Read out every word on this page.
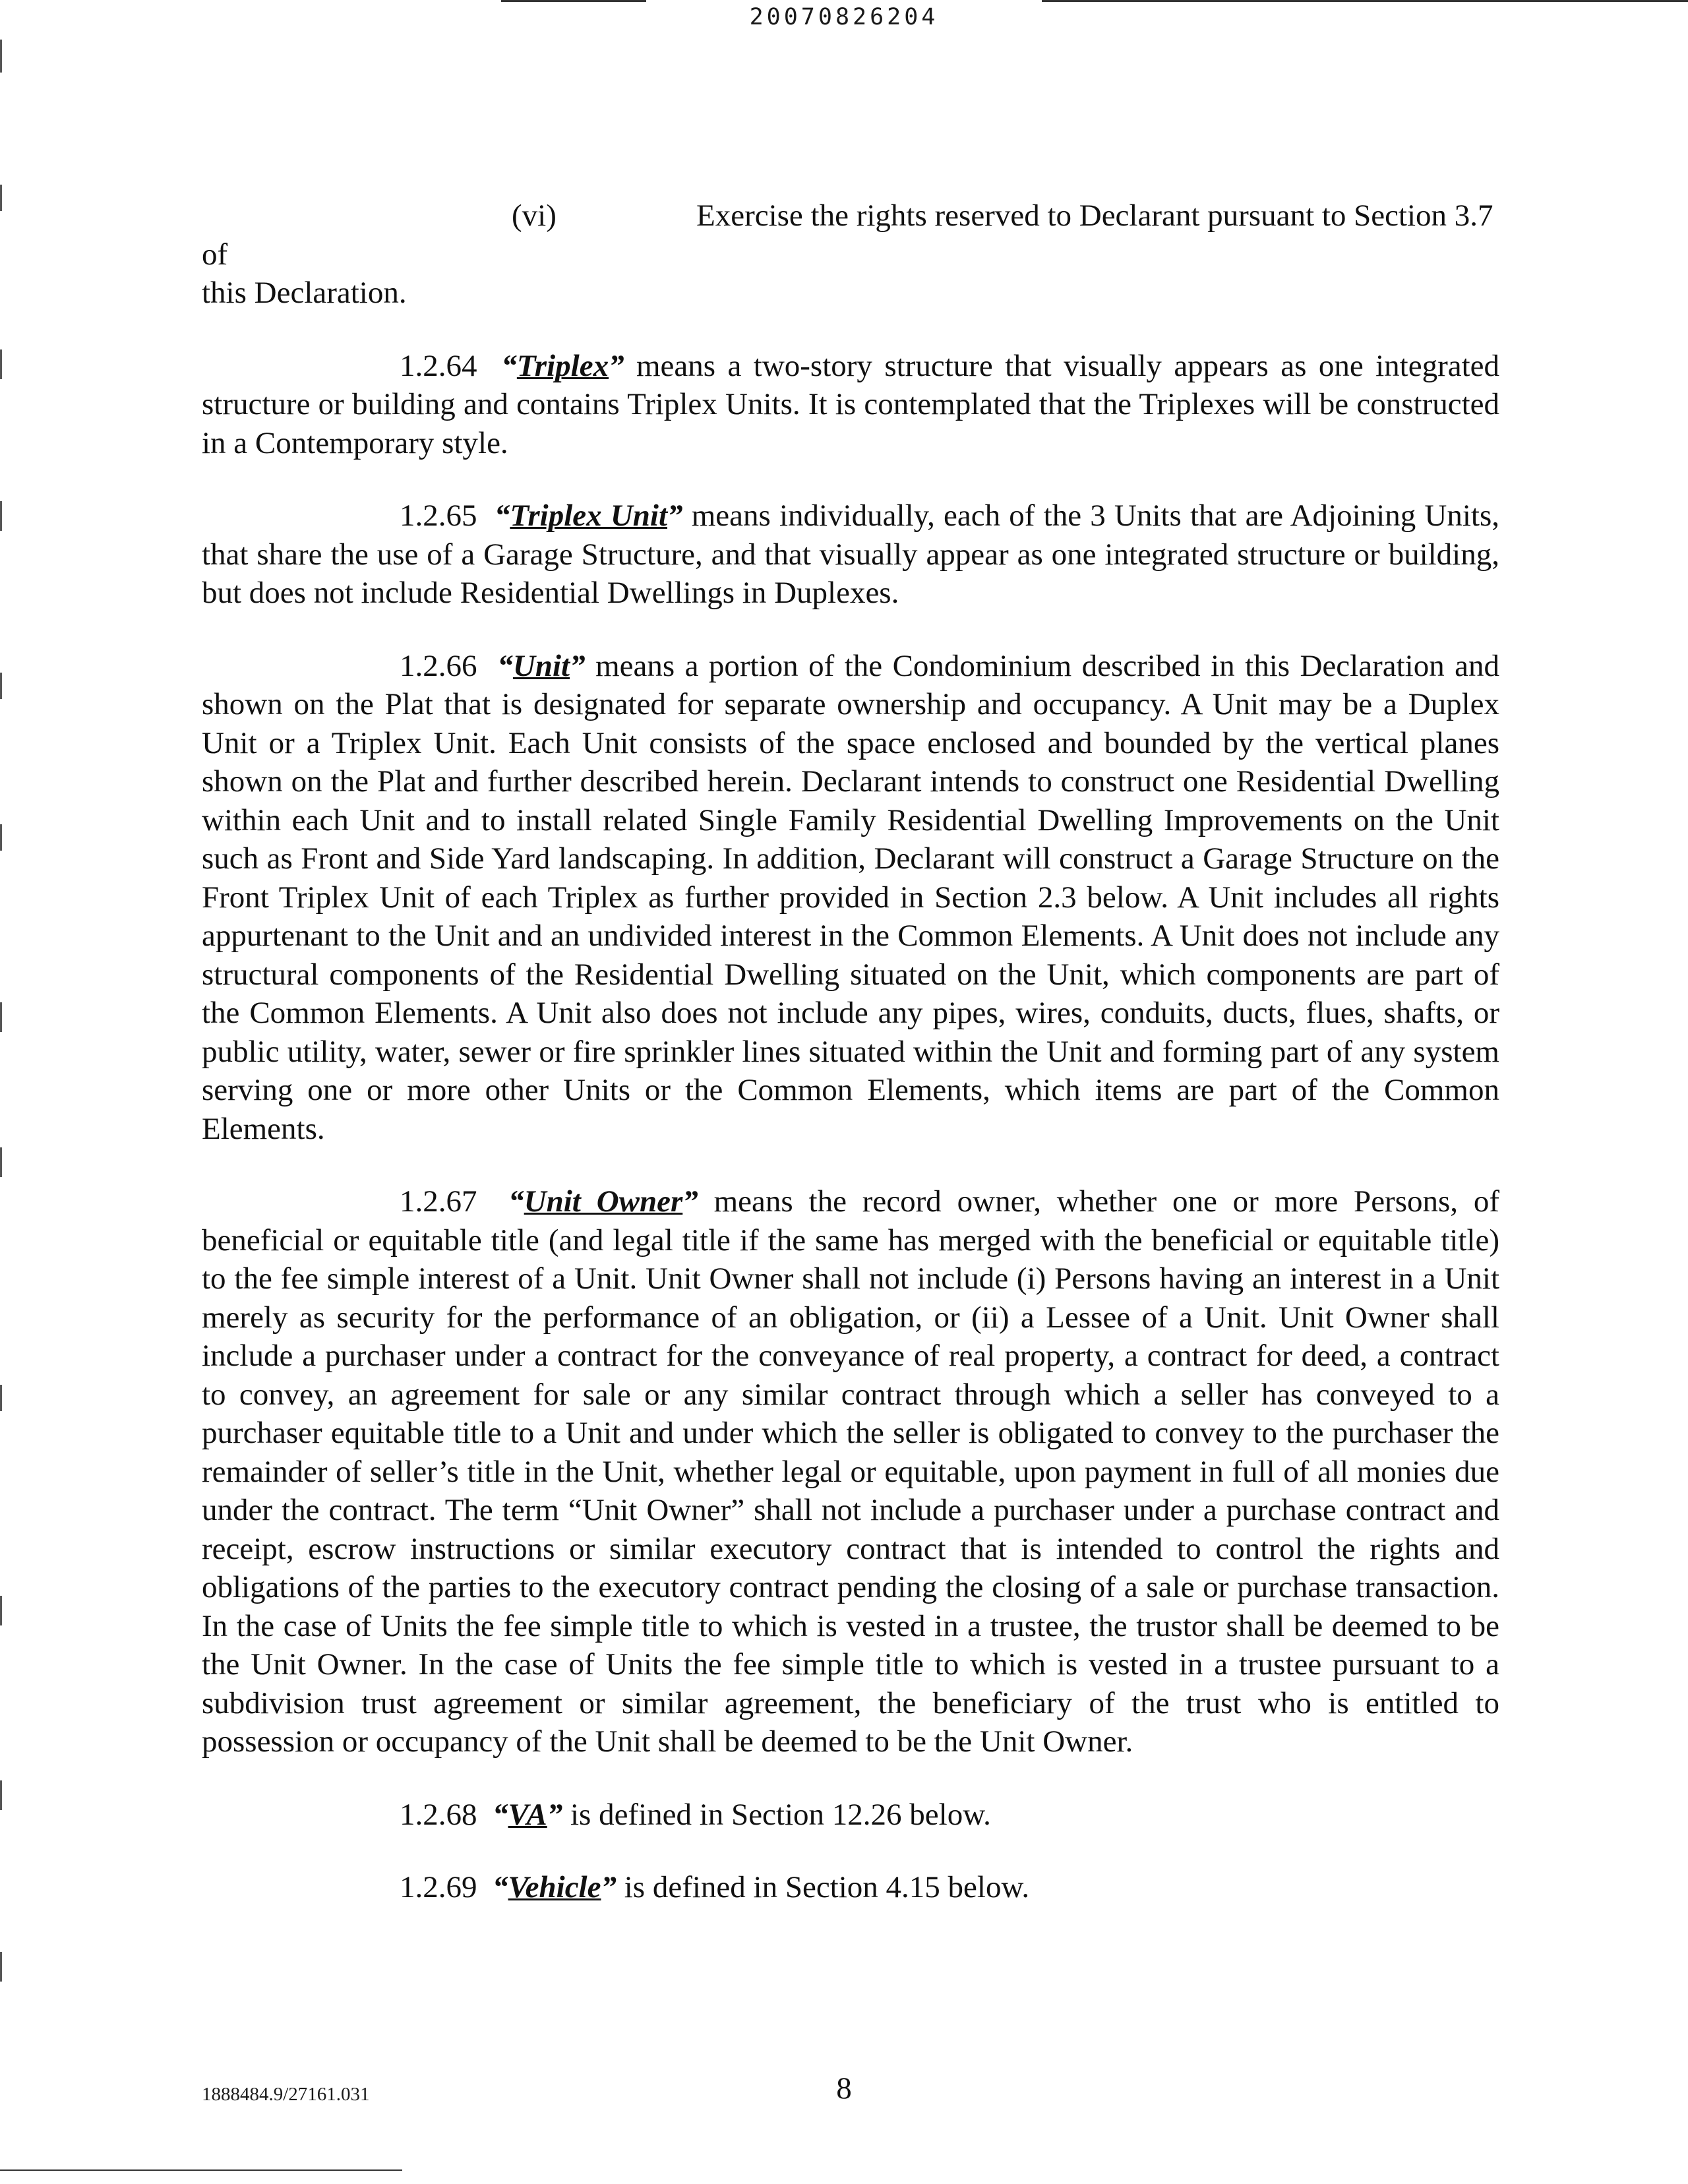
20070826204

(vi)	Exercise the rights reserved to Declarant pursuant to Section 3.7 of
this Declaration.

1.2.64 “Triplex” means a two-story structure that visually appears as one integrated structure or building and contains Triplex Units. It is contemplated that the Triplexes will be constructed in a Contemporary style.

1.2.65 “Triplex Unit” means individually, each of the 3 Units that are Adjoining Units, that share the use of a Garage Structure, and that visually appear as one integrated structure or building, but does not include Residential Dwellings in Duplexes.

1.2.66 “Unit” means a portion of the Condominium described in this Declaration and shown on the Plat that is designated for separate ownership and occupancy. A Unit may be a Duplex Unit or a Triplex Unit. Each Unit consists of the space enclosed and bounded by the vertical planes shown on the Plat and further described herein. Declarant intends to construct one Residential Dwelling within each Unit and to install related Single Family Residential Dwelling Improvements on the Unit such as Front and Side Yard landscaping. In addition, Declarant will construct a Garage Structure on the Front Triplex Unit of each Triplex as further provided in Section 2.3 below. A Unit includes all rights appurtenant to the Unit and an undivided interest in the Common Elements. A Unit does not include any structural components of the Residential Dwelling situated on the Unit, which components are part of the Common Elements. A Unit also does not include any pipes, wires, conduits, ducts, flues, shafts, or public utility, water, sewer or fire sprinkler lines situated within the Unit and forming part of any system serving one or more other Units or the Common Elements, which items are part of the Common Elements.

1.2.67 “Unit Owner” means the record owner, whether one or more Persons, of beneficial or equitable title (and legal title if the same has merged with the beneficial or equitable title) to the fee simple interest of a Unit. Unit Owner shall not include (i) Persons having an interest in a Unit merely as security for the performance of an obligation, or (ii) a Lessee of a Unit. Unit Owner shall include a purchaser under a contract for the conveyance of real property, a contract for deed, a contract to convey, an agreement for sale or any similar contract through which a seller has conveyed to a purchaser equitable title to a Unit and under which the seller is obligated to convey to the purchaser the remainder of seller’s title in the Unit, whether legal or equitable, upon payment in full of all monies due under the contract. The term “Unit Owner” shall not include a purchaser under a purchase contract and receipt, escrow instructions or similar executory contract that is intended to control the rights and obligations of the parties to the executory contract pending the closing of a sale or purchase transaction. In the case of Units the fee simple title to which is vested in a trustee, the trustor shall be deemed to be the Unit Owner. In the case of Units the fee simple title to which is vested in a trustee pursuant to a subdivision trust agreement or similar agreement, the beneficiary of the trust who is entitled to possession or occupancy of the Unit shall be deemed to be the Unit Owner.

1.2.68 “VA” is defined in Section 12.26 below.

1.2.69 “Vehicle” is defined in Section 4.15 below.

1888484.9/27161.031	8
